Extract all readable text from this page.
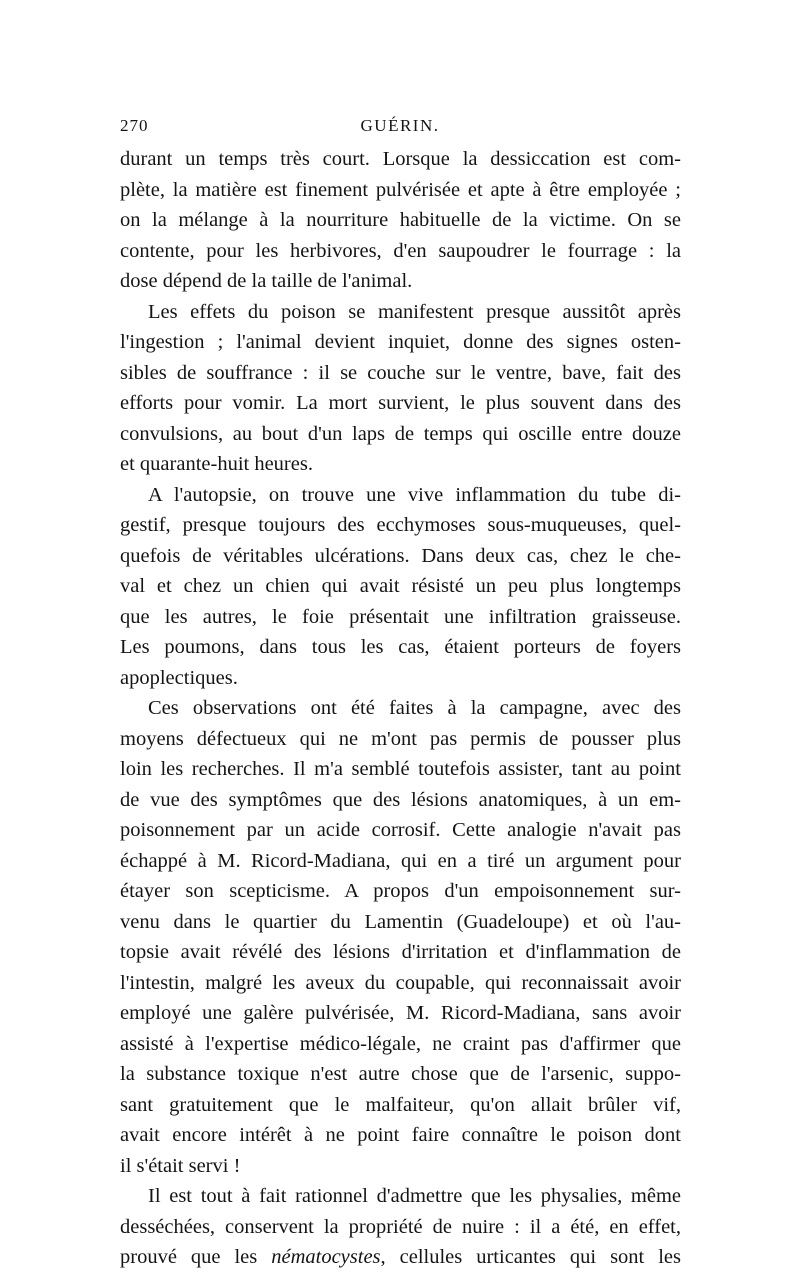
270	GUÉRIN.
durant un temps très court. Lorsque la dessiccation est com-
plète, la matière est finement pulvérisée et apte à être employée ;
on la mélange à la nourriture habituelle de la victime. On se
contente, pour les herbivores, d'en saupoudrer le fourrage : la
dose dépend de la taille de l'animal.
Les effets du poison se manifestent presque aussitôt après
l'ingestion ; l'animal devient inquiet, donne des signes osten-
sibles de souffrance : il se couche sur le ventre, bave, fait des
efforts pour vomir. La mort survient, le plus souvent dans des
convulsions, au bout d'un laps de temps qui oscille entre douze
et quarante-huit heures.
A l'autopsie, on trouve une vive inflammation du tube di-
gestif, presque toujours des ecchymoses sous-muqueuses, quel-
quefois de véritables ulcérations. Dans deux cas, chez le che-
val et chez un chien qui avait résisté un peu plus longtemps
que les autres, le foie présentait une infiltration graisseuse.
Les poumons, dans tous les cas, étaient porteurs de foyers
apoplectiques.
Ces observations ont été faites à la campagne, avec des
moyens défectueux qui ne m'ont pas permis de pousser plus
loin les recherches. Il m'a semblé toutefois assister, tant au point
de vue des symptômes que des lésions anatomiques, à un em-
poisonnement par un acide corrosif. Cette analogie n'avait pas
échappé à M. Ricord-Madiana, qui en a tiré un argument pour
étayer son scepticisme. A propos d'un empoisonnement sur-
venu dans le quartier du Lamentin (Guadeloupe) et où l'au-
topsie avait révélé des lésions d'irritation et d'inflammation de
l'intestin, malgré les aveux du coupable, qui reconnaissait avoir
employé une galère pulvérisée, M. Ricord-Madiana, sans avoir
assisté à l'expertise médico-légale, ne craint pas d'affirmer que
la substance toxique n'est autre chose que de l'arsenic, suppo-
sant gratuitement que le malfaiteur, qu'on allait brûler vif,
avait encore intérêt à ne point faire connaître le poison dont
il s'était servi !
Il est tout à fait rationnel d'admettre que les physalies, même
desséchées, conservent la propriété de nuire : il a été, en effet,
prouvé que les nématocystes, cellules urticantes qui sont les
